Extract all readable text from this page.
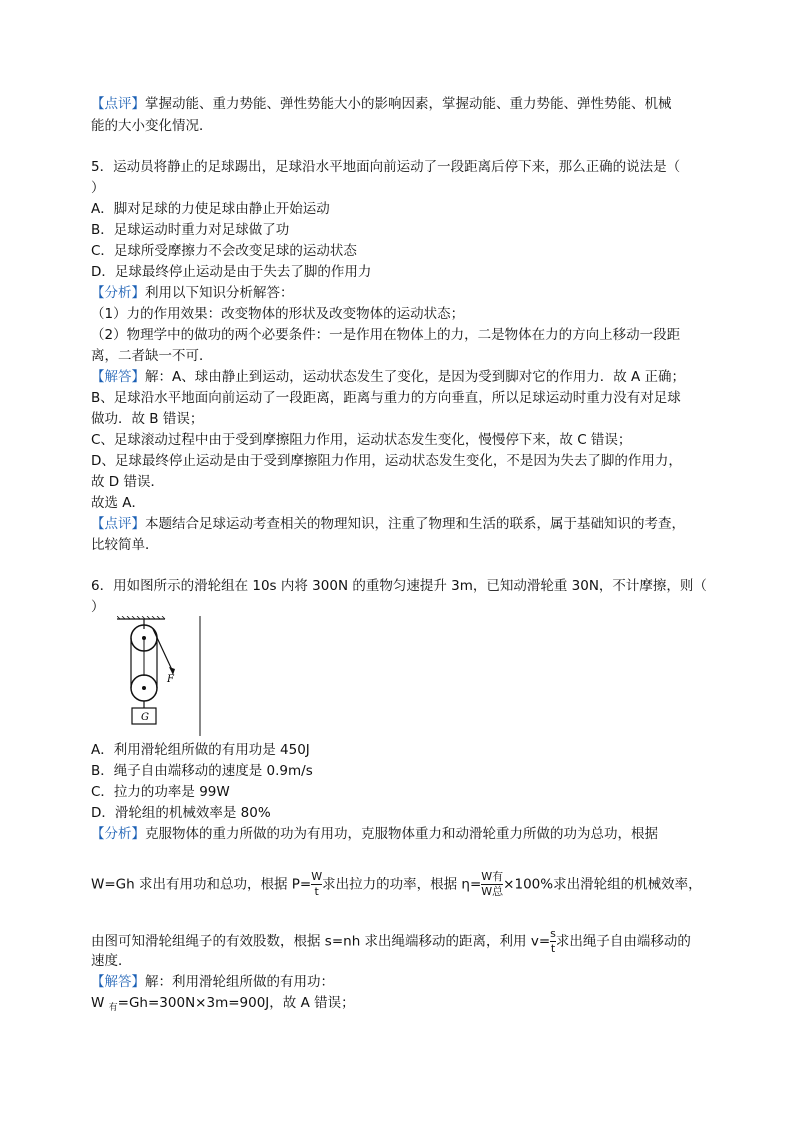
【点评】掌握动能、重力势能、弹性势能大小的影响因素，掌握动能、重力势能、弹性势能、机械
能的大小变化情况．
5．运动员将静止的足球踢出，足球沿水平地面向前运动了一段距离后停下来，那么正确的说法是（
）
A．脚对足球的力使足球由静止开始运动
B．足球运动时重力对足球做了功
C．足球所受摩擦力不会改变足球的运动状态
D．足球最终停止运动是由于失去了脚的作用力
【分析】利用以下知识分析解答：
（1）力的作用效果：改变物体的形状及改变物体的运动状态；
（2）物理学中的做功的两个必要条件：一是作用在物体上的力，二是物体在力的方向上移动一段距
离，二者缺一不可．
【解答】解：A、球由静止到运动，运动状态发生了变化，是因为受到脚对它的作用力．故 A 正确；
B、足球沿水平地面向前运动了一段距离，距离与重力的方向垂直，所以足球运动时重力没有对足球
做功．故 B 错误；
C、足球滚动过程中由于受到摩擦阻力作用，运动状态发生变化，慢慢停下来，故 C 错误；
D、足球最终停止运动是由于受到摩擦阻力作用，运动状态发生变化，不是因为失去了脚的作用力，
故 D 错误．
故选 A．
【点评】本题结合足球运动考查相关的物理知识，注重了物理和生活的联系，属于基础知识的考查，
比较简单．
6．用如图所示的滑轮组在 10s 内将 300N 的重物匀速提升 3m，已知动滑轮重 30N，不计摩擦，则（
）
F
G
A．利用滑轮组所做的有用功是 450J
B．绳子自由端移动的速度是 0.9m/s
C．拉力的功率是 99W
D．滑轮组的机械效率是 80%
【分析】克服物体的重力所做的功为有用功，克服物体重力和动滑轮重力所做的功为总功，根据
W=Gh 求出有用功和总功，根据 $P= \frac{W}{t}$ 求出拉力的功率，根据 $\eta= \frac{\text{W有}}{\text{W总}} \times 100\%$求出滑轮组的机械效率，
由图可知滑轮组绳子的有效股数，根据 s=nh 求出绳端移动的距离，利用 $v= \frac{s}{t}$ 求出绳子自由端移动的
速度．
【解答】解：利用滑轮组所做的有用功：
W $_有$=Gh=300N×3m=900J，故 A 错误；
